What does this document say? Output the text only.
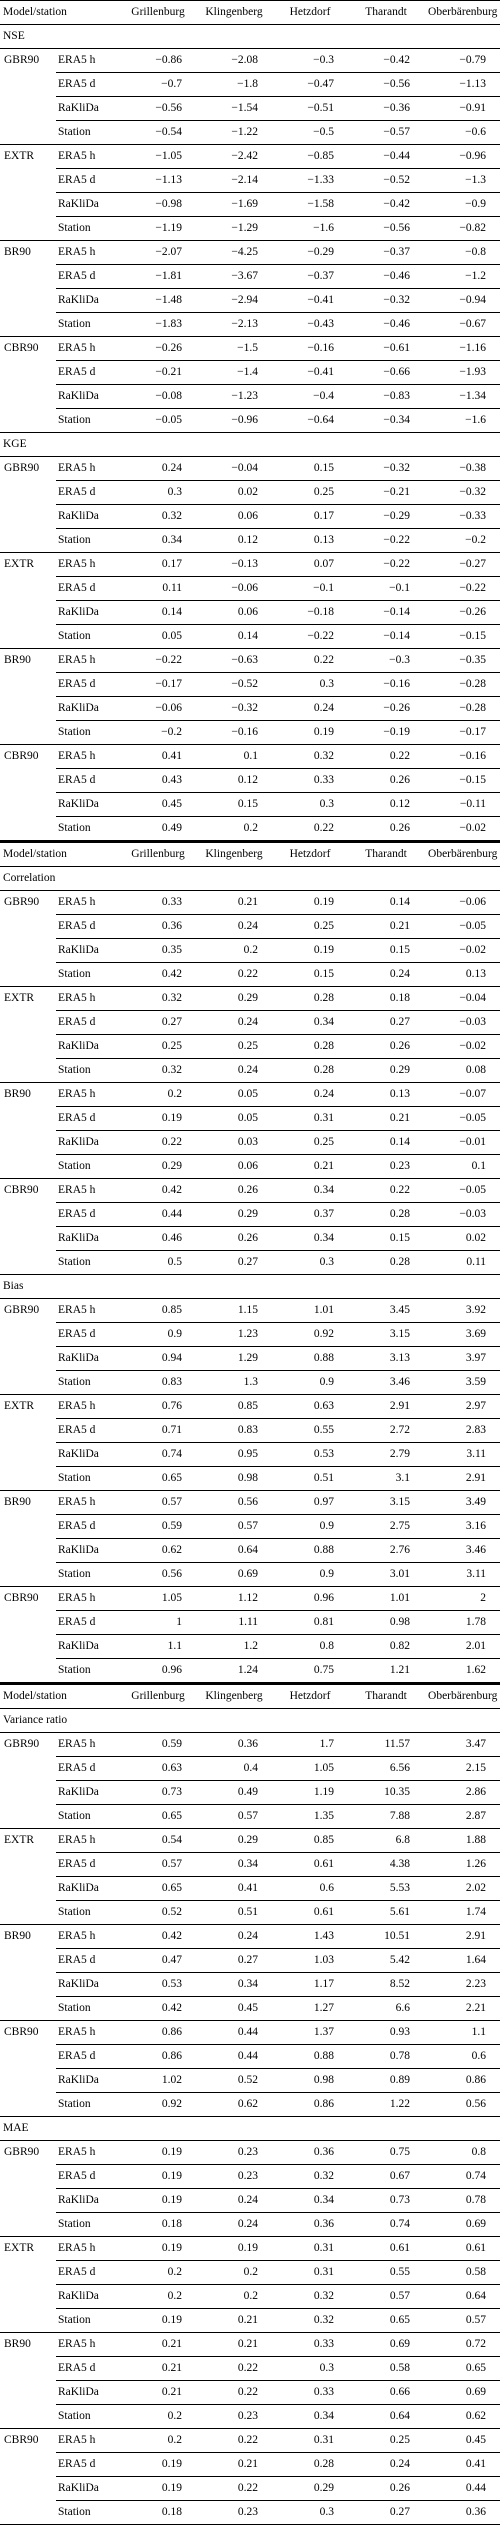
Model/station		Grillenburg	Klingenberg	Hetzdorf	Tharandt	Oberbärenburg
NSE						
GBR90	ERA5 h	−0.86	−2.08	−0.3	−0.42	−0.79
	ERA5 d	−0.7	−1.8	−0.47	−0.56	−1.13
	RaKliDa	−0.56	−1.54	−0.51	−0.36	−0.91
	Station	−0.54	−1.22	−0.5	−0.57	−0.6
EXTR	ERA5 h	−1.05	−2.42	−0.85	−0.44	−0.96
	ERA5 d	−1.13	−2.14	−1.33	−0.52	−1.3
	RaKliDa	−0.98	−1.69	−1.58	−0.42	−0.9
	Station	−1.19	−1.29	−1.6	−0.56	−0.82
BR90	ERA5 h	−2.07	−4.25	−0.29	−0.37	−0.8
	ERA5 d	−1.81	−3.67	−0.37	−0.46	−1.2
	RaKliDa	−1.48	−2.94	−0.41	−0.32	−0.94
	Station	−1.83	−2.13	−0.43	−0.46	−0.67
CBR90	ERA5 h	−0.26	−1.5	−0.16	−0.61	−1.16
	ERA5 d	−0.21	−1.4	−0.41	−0.66	−1.93
	RaKliDa	−0.08	−1.23	−0.4	−0.83	−1.34
	Station	−0.05	−0.96	−0.64	−0.34	−1.6
KGE						
GBR90	ERA5 h	0.24	−0.04	0.15	−0.32	−0.38
	ERA5 d	0.3	0.02	0.25	−0.21	−0.32
	RaKliDa	0.32	0.06	0.17	−0.29	−0.33
	Station	0.34	0.12	0.13	−0.22	−0.2
EXTR	ERA5 h	0.17	−0.13	0.07	−0.22	−0.27
	ERA5 d	0.11	−0.06	−0.1	−0.1	−0.22
	RaKliDa	0.14	0.06	−0.18	−0.14	−0.26
	Station	0.05	0.14	−0.22	−0.14	−0.15
BR90	ERA5 h	−0.22	−0.63	0.22	−0.3	−0.35
	ERA5 d	−0.17	−0.52	0.3	−0.16	−0.28
	RaKliDa	−0.06	−0.32	0.24	−0.26	−0.28
	Station	−0.2	−0.16	0.19	−0.19	−0.17
CBR90	ERA5 h	0.41	0.1	0.32	0.22	−0.16
	ERA5 d	0.43	0.12	0.33	0.26	−0.15
	RaKliDa	0.45	0.15	0.3	0.12	−0.11
	Station	0.49	0.2	0.22	0.26	−0.02
Model/station		Grillenburg	Klingenberg	Hetzdorf	Tharandt	Oberbärenburg
Correlation						
GBR90	ERA5 h	0.33	0.21	0.19	0.14	−0.06
	ERA5 d	0.36	0.24	0.25	0.21	−0.05
	RaKliDa	0.35	0.2	0.19	0.15	−0.02
	Station	0.42	0.22	0.15	0.24	0.13
EXTR	ERA5 h	0.32	0.29	0.28	0.18	−0.04
	ERA5 d	0.27	0.24	0.34	0.27	−0.03
	RaKliDa	0.25	0.25	0.28	0.26	−0.02
	Station	0.32	0.24	0.28	0.29	0.08
BR90	ERA5 h	0.2	0.05	0.24	0.13	−0.07
	ERA5 d	0.19	0.05	0.31	0.21	−0.05
	RaKliDa	0.22	0.03	0.25	0.14	−0.01
	Station	0.29	0.06	0.21	0.23	0.1
CBR90	ERA5 h	0.42	0.26	0.34	0.22	−0.05
	ERA5 d	0.44	0.29	0.37	0.28	−0.03
	RaKliDa	0.46	0.26	0.34	0.15	0.02
	Station	0.5	0.27	0.3	0.28	0.11
Bias						
GBR90	ERA5 h	0.85	1.15	1.01	3.45	3.92
	ERA5 d	0.9	1.23	0.92	3.15	3.69
	RaKliDa	0.94	1.29	0.88	3.13	3.97
	Station	0.83	1.3	0.9	3.46	3.59
EXTR	ERA5 h	0.76	0.85	0.63	2.91	2.97
	ERA5 d	0.71	0.83	0.55	2.72	2.83
	RaKliDa	0.74	0.95	0.53	2.79	3.11
	Station	0.65	0.98	0.51	3.1	2.91
BR90	ERA5 h	0.57	0.56	0.97	3.15	3.49
	ERA5 d	0.59	0.57	0.9	2.75	3.16
	RaKliDa	0.62	0.64	0.88	2.76	3.46
	Station	0.56	0.69	0.9	3.01	3.11
CBR90	ERA5 h	1.05	1.12	0.96	1.01	2
	ERA5 d	1	1.11	0.81	0.98	1.78
	RaKliDa	1.1	1.2	0.8	0.82	2.01
	Station	0.96	1.24	0.75	1.21	1.62
Model/station		Grillenburg	Klingenberg	Hetzdorf	Tharandt	Oberbärenburg
Variance ratio						
GBR90	ERA5 h	0.59	0.36	1.7	11.57	3.47
	ERA5 d	0.63	0.4	1.05	6.56	2.15
	RaKliDa	0.73	0.49	1.19	10.35	2.86
	Station	0.65	0.57	1.35	7.88	2.87
EXTR	ERA5 h	0.54	0.29	0.85	6.8	1.88
	ERA5 d	0.57	0.34	0.61	4.38	1.26
	RaKliDa	0.65	0.41	0.6	5.53	2.02
	Station	0.52	0.51	0.61	5.61	1.74
BR90	ERA5 h	0.42	0.24	1.43	10.51	2.91
	ERA5 d	0.47	0.27	1.03	5.42	1.64
	RaKliDa	0.53	0.34	1.17	8.52	2.23
	Station	0.42	0.45	1.27	6.6	2.21
CBR90	ERA5 h	0.86	0.44	1.37	0.93	1.1
	ERA5 d	0.86	0.44	0.88	0.78	0.6
	RaKliDa	1.02	0.52	0.98	0.89	0.86
	Station	0.92	0.62	0.86	1.22	0.56
MAE						
GBR90	ERA5 h	0.19	0.23	0.36	0.75	0.8
	ERA5 d	0.19	0.23	0.32	0.67	0.74
	RaKliDa	0.19	0.24	0.34	0.73	0.78
	Station	0.18	0.24	0.36	0.74	0.69
EXTR	ERA5 h	0.19	0.19	0.31	0.61	0.61
	ERA5 d	0.2	0.2	0.31	0.55	0.58
	RaKliDa	0.2	0.2	0.32	0.57	0.64
	Station	0.19	0.21	0.32	0.65	0.57
BR90	ERA5 h	0.21	0.21	0.33	0.69	0.72
	ERA5 d	0.21	0.22	0.3	0.58	0.65
	RaKliDa	0.21	0.22	0.33	0.66	0.69
	Station	0.2	0.23	0.34	0.64	0.62
CBR90	ERA5 h	0.2	0.22	0.31	0.25	0.45
	ERA5 d	0.19	0.21	0.28	0.24	0.41
	RaKliDa	0.19	0.22	0.29	0.26	0.44
	Station	0.18	0.23	0.3	0.27	0.36
